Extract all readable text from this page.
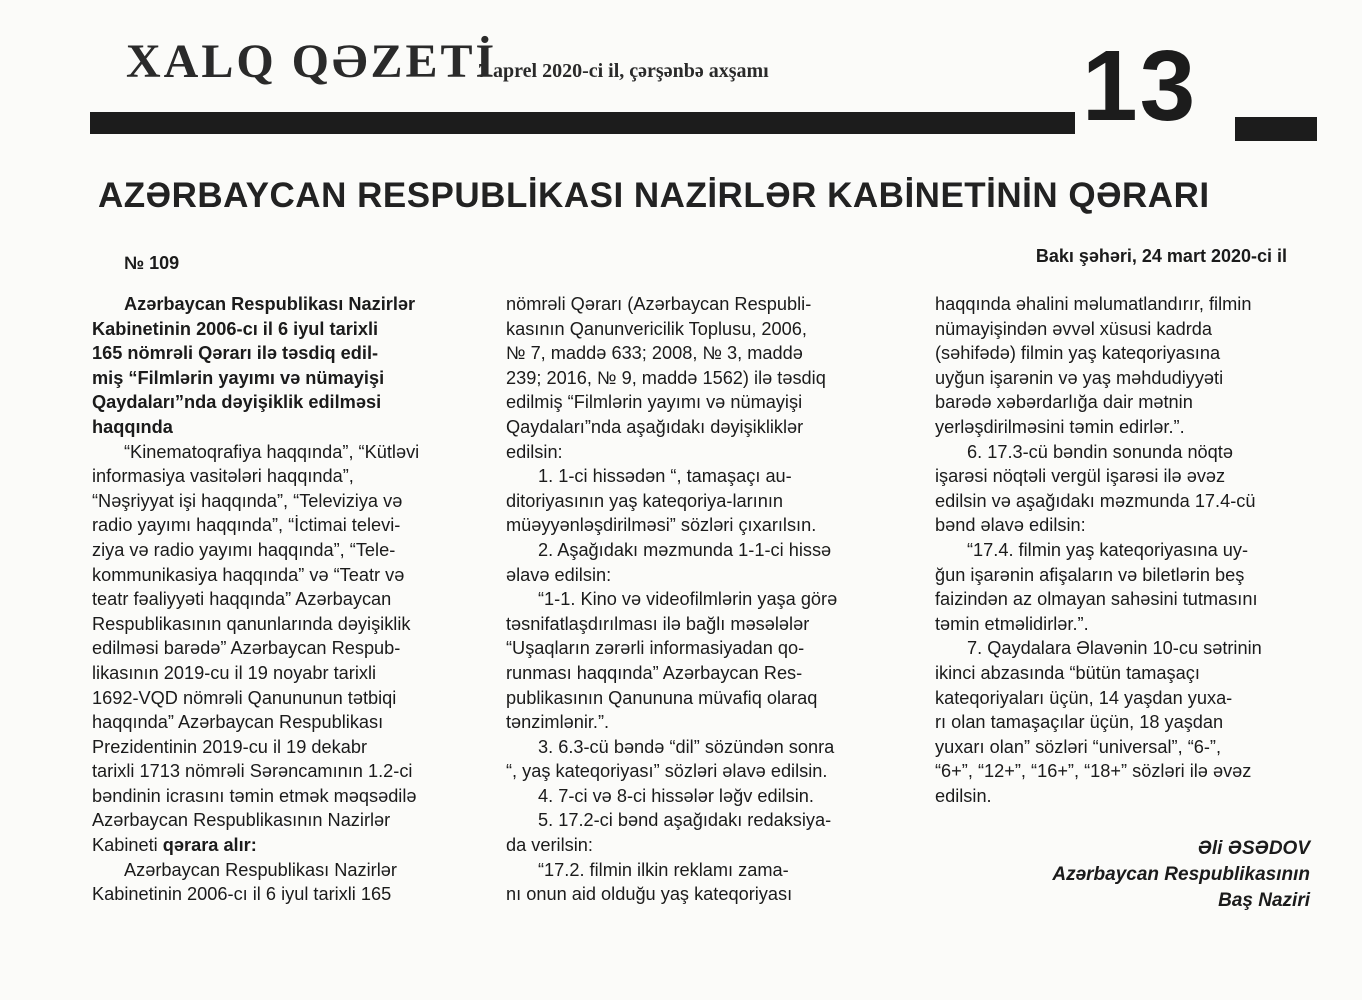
XALQ QƏZETİ
7 aprel 2020-ci il, çərşənbə axşamı	13
AZƏRBAYCAN RESPUBLİKASI NAZİRLƏR KABİNETİNİN QƏRARI
№ 109	Bakı şəhəri, 24 mart 2020-ci il

Azərbaycan Respublikası Nazirlər
Kabinetinin 2006-cı il 6 iyul tarixli
165 nömrəli Qərarı ilə təsdiq edil-
miş “Filmlərin yayımı və nümayişi
Qaydaları”nda dəyişiklik edilməsi
haqqında

“Kinematoqrafiya haqqında”, “Kütləvi
informasiya vasitələri haqqında”,
“Nəşriyyat işi haqqında”, “Televiziya və
radio yayımı haqqında”, “İctimai televi-
ziya və radio yayımı haqqında”, “Tele-
kommunikasiya haqqında” və “Teatr və
teatr fəaliyyəti haqqında” Azərbaycan
Respublikasının qanunlarında dəyişiklik
edilməsi barədə” Azərbaycan Respub-
likasının 2019-cu il 19 noyabr tarixli
1692-VQD nömrəli Qanununun tətbiqi
haqqında” Azərbaycan Respublikası
Prezidentinin 2019-cu il 19 dekabr
tarixli 1713 nömrəli Sərəncamının 1.2-ci
bəndinin icrasını təmin etmək məqsədilə
Azərbaycan Respublikasının Nazirlər
Kabineti qərara alır:

Azərbaycan Respublikası Nazirlər
Kabinetinin 2006-cı il 6 iyul tarixli 165

nömrəli Qərarı (Azərbaycan Respubli-
kasının Qanunvericilik Toplusu, 2006,
№ 7, maddə 633; 2008, № 3, maddə
239; 2016, № 9, maddə 1562) ilə təsdiq
edilmiş “Filmlərin yayımı və nümayişi
Qaydaları”nda aşağıdakı dəyişikliklər
edilsin:

1. 1-ci hissədən “, tamaşaçı au-
ditoriyasının yaş kateqoriya-larının
müəyyənləşdirilməsi” sözləri çıxarılsın.

2. Aşağıdakı məzmunda 1-1-ci hissə
əlavə edilsin:

“1-1. Kino və videofilmlərin yaşa görə
təsnifatlaşdırılması ilə bağlı məsələlər
“Uşaqların zərərli informasiyadan qo-
runması haqqında” Azərbaycan Res-
publikasının Qanununa müvafiq olaraq
tənzimlənir.”.

3. 6.3-cü bəndə “dil” sözündən sonra
“, yaş kateqoriyası” sözləri əlavə edilsin.

4. 7-ci və 8-ci hissələr ləğv edilsin.

5. 17.2-ci bənd aşağıdakı redaksiya-
da verilsin:

“17.2. filmin ilkin reklamı zama-
nı onun aid olduğu yaş kateqoriyası

haqqında əhalini məlumatlandırır, filmin
nümayişindən əvvəl xüsusi kadrda
(səhifədə) filmin yaş kateqoriyasına
uyğun işarənin və yaş məhdudiyyəti
barədə xəbərdarlığa dair mətnin
yerləşdirilməsini təmin edirlər.”.

6. 17.3-cü bəndin sonunda nöqtə
işarəsi nöqtəli vergül işarəsi ilə əvəz
edilsin və aşağıdakı məzmunda 17.4-cü
bənd əlavə edilsin:

“17.4. filmin yaş kateqoriyasına uy-
ğun işarənin afişaların və biletlərin beş
faizindən az olmayan sahəsini tutmasını
təmin etməlidirlər.”.

7. Qaydalara Əlavənin 10-cu sətrinin
ikinci abzasında “bütün tamaşaçı
kateqoriyaları üçün, 14 yaşdan yuxa-
rı olan tamaşaçılar üçün, 18 yaşdan
yuxarı olan” sözləri “universal”, “6-”,
“6+”, “12+”, “16+”, “18+” sözləri ilə əvəz
edilsin.

Əli ƏSƏDOV
Azərbaycan Respublikasının
Baş Naziri
